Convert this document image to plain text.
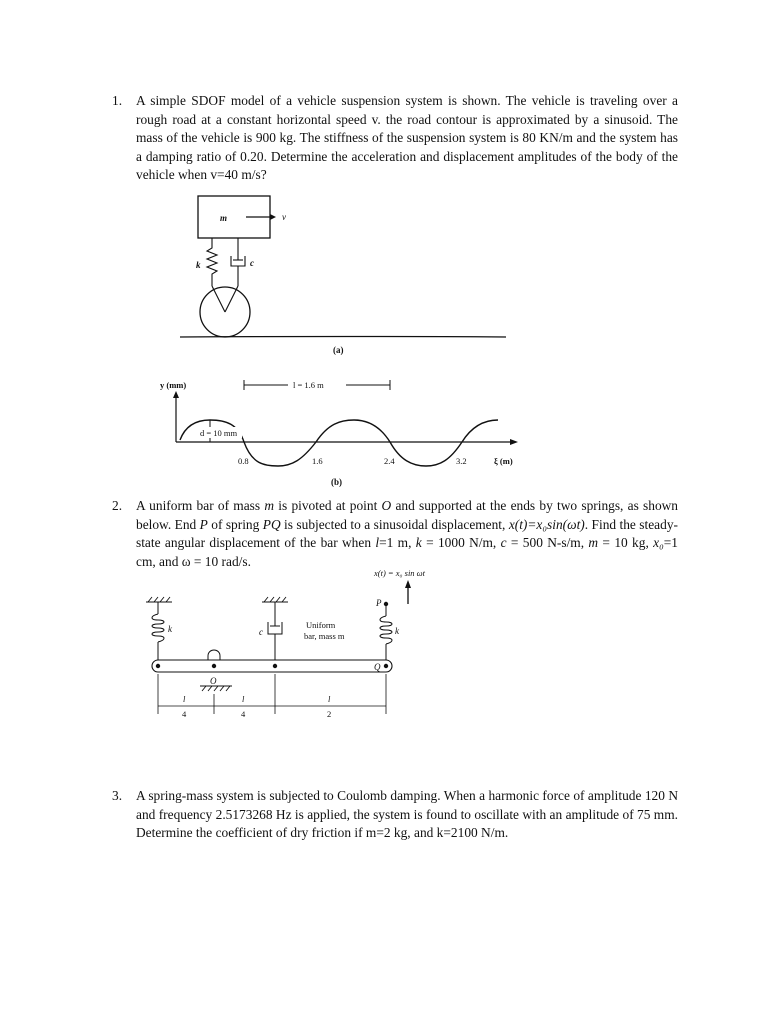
1. A simple SDOF model of a vehicle suspension system is shown. The vehicle is traveling over a rough road at a constant horizontal speed v. the road contour is approximated by a sinusoid. The mass of the vehicle is 900 kg. The stiffness of the suspension system is 80 KN/m and the system has a damping ratio of 0.20. Determine the acceleration and displacement amplitudes of the body of the vehicle when v=40 m/s?
m	v
k	c
(a)
y (mm)	l = 1.6 m
d = 10 mm
0.8	1.6	2.4	3.2	ξ (m)
(b)
2. A uniform bar of mass m is pivoted at point O and supported at the ends by two springs, as shown below. End P of spring PQ is subjected to a sinusoidal displacement, x(t)=x₀sin(ωt). Find the steady-state angular displacement of the bar when l=1 m, k = 1000 N/m, c = 500 N-s/m, m = 10 kg, x₀=1 cm, and ω = 10 rad/s.
x(t) = x₀ sin ωt
P
k	c
Uniform
bar, mass m	k
Q
O
l
4
l
4
l
2
3. A spring-mass system is subjected to Coulomb damping. When a harmonic force of amplitude 120 N and frequency 2.5173268 Hz is applied, the system is found to oscillate with an amplitude of 75 mm. Determine the coefficient of dry friction if m=2 kg, and k=2100 N/m.
